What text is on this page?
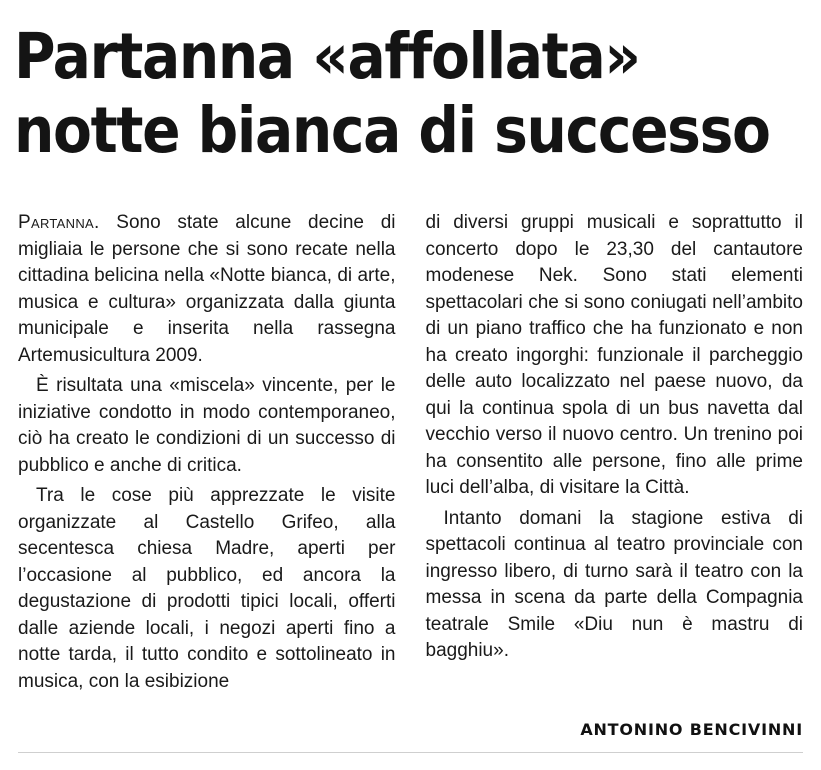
Partanna «affollata»
notte bianca di successo

Partanna. Sono state alcune decine di migliaia le persone che si sono recate nella cittadina belicina nella «Notte bianca, di arte, musica e cultura» organizzata dalla giunta municipale e inserita nella rassegna Artemusicultura 2009.

È risultata una «miscela» vincente, per le iniziative condotto in modo contemporaneo, ciò ha creato le condizioni di un successo di pubblico e anche di critica.

Tra le cose più apprezzate le visite organizzate al Castello Grifeo, alla secentesca chiesa Madre, aperti per l’occasione al pubblico, ed ancora la degustazione di prodotti tipici locali, offerti dalle aziende locali, i negozi aperti fino a notte tarda, il tutto condito e sottolineato in musica, con la esibizione

di diversi gruppi musicali e soprattutto il concerto dopo le 23,30 del cantautore modenese Nek. Sono stati elementi spettacolari che si sono coniugati nell’ambito di un piano traffico che ha funzionato e non ha creato ingorghi: funzionale il parcheggio delle auto localizzato nel paese nuovo, da qui la continua spola di un bus navetta dal vecchio verso il nuovo centro. Un trenino poi ha consentito alle persone, fino alle prime luci dell’alba, di visitare la Città.

Intanto domani la stagione estiva di spettacoli continua al teatro provinciale con ingresso libero, di turno sarà il teatro con la messa in scena da parte della Compagnia teatrale Smile «Diu nun è mastru di bagghiu».

ANTONINO BENCIVINNI
